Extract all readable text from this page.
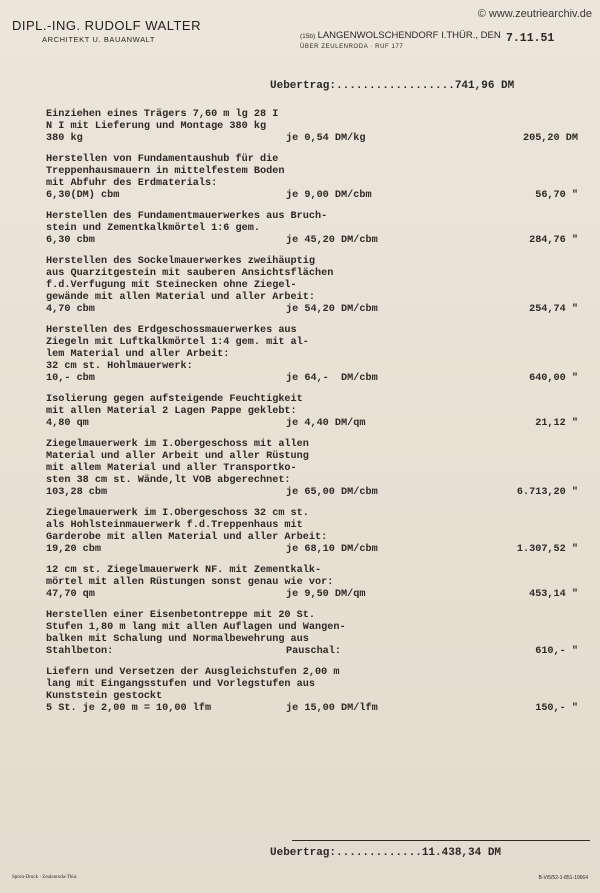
© www.zeutriearchiv.de
DIPL.-ING. RUDOLF WALTER
ARCHITEKT U. BAUANWALT	(15b) LANGENWOLSCHENDORF I.THÜR., DEN
ÜBER ZEULENRODA · RUF 177
7.11.51
Uebertrag:..................741,96 DM
Einziehen eines Trägers 7,60 m lg 28 I
N I mit Lieferung und Montage 380 kg
380 kg	je 0,54 DM/kg	205,20 DM
Herstellen von Fundamentaushub für die
Treppenhausmauern in mittelfestem Boden
mit Abfuhr des Erdmaterials:
6,30(DM) cbm	je 9,00 DM/cbm	56,70 "
Herstellen des Fundamentmauerwerkes aus Bruch-
stein und Zementkalkmörtel 1:6 gem.
6,30 cbm	je 45,20 DM/cbm	284,76 "
Herstellen des Sockelmauerwerkes zweihäuptig
aus Quarzitgestein mit sauberen Ansichtsflächen
f.d.Verfugung mit Steinecken ohne Ziegel-
gewände mit allen Material und aller Arbeit:
4,70 cbm	je 54,20 DM/cbm	254,74 "
Herstellen des Erdgeschossmauerwerkes aus
Ziegeln mit Luftkalkmörtel 1:4 gem. mit al-
lem Material und aller Arbeit:
32 cm st. Hohlmauerwerk:
10,- cbm	je 64,-  DM/cbm	640,00 "
Isolierung gegen aufsteigende Feuchtigkeit
mit allen Material 2 Lagen Pappe geklebt:
4,80 qm	je 4,40 DM/qm	21,12 "
Ziegelmauerwerk im I.Obergeschoss mit allen
Material und aller Arbeit und aller Rüstung
mit allem Material und aller Transportko-
sten 38 cm st. Wände,lt VOB abgerechnet:
103,28 cbm	je 65,00 DM/cbm	6.713,20 "
Ziegelmauerwerk im I.Obergeschoss 32 cm st.
als Hohlsteinmauerwerk f.d.Treppenhaus mit
Garderobe mit allen Material und aller Arbeit:
19,20 cbm	je 68,10 DM/cbm	1.307,52 "
12 cm st. Ziegelmauerwerk NF. mit Zementkalk-
mörtel mit allen Rüstungen sonst genau wie vor:
47,70 qm	je 9,50 DM/qm	453,14 "
Herstellen einer Eisenbetontreppe mit 20 St.
Stufen 1,80 m lang mit allen Auflagen und Wangen-
balken mit Schalung und Normalbewehrung aus
Stahlbeton:	Pauschal:	610,- "
Liefern und Versetzen der Ausgleichstufen 2,00 m
lang mit Eingangsstufen und Vorlegstufen aus
Kunststein gestockt
5 St. je 2,00 m = 10,00 lfm	je 15,00 DM/lfm	150,- "
Uebertrag:.............11.438,34 DM
Sporn-Druck · Zeulenroda-Thür.	B-V/5/52-1-851-10664
